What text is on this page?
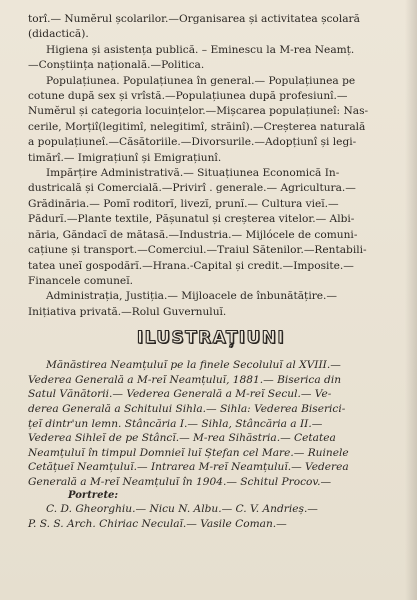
torî.— Numĕrul școlarilor.—Organisarea și activitatea școlară
(didactică).

Higiena și asistența publică. – Eminescu la M-rea Neamț.
—Conștiința națională.—Politica.

Populațiunea. Populațiunea în general.— Populațiunea pe
cotune după sex și vrîstă.—Populațiunea după profesiunî.—
Numĕrul și categoria locuințelor.—Mișcarea populațiuneî: Nas-
cerile, Morțiî(legitimî, nelegitimî, străinî).—Creșterea naturală
a populațiuneî.—Căsătoriile.—Divorsurile.—Adopțiunî și legi-
timărî.— Imigrațiunî și Emigrațiunî.

Impărțire Administrativă.— Situațiunea Economică In-
dustricală și Comercială.—Privirî . generale.— Agricultura.—
Grădinăria.— Pomĭ roditorĭ, livezĭ, prunĭ.— Cultura vieĭ.—
Pădurĭ.—Plante textile, Pășunatul și creșterea vitelor.— Albi-
năria, Găndacĭ de mătasă.—Industria.— Mijlócele de comuni-
cațiune și transport.—Comerciul.—Traiul Sătenilor.—Rentabili-
tatea uneĭ gospodărĭ.—Hrana.-Capital și credit.—Imposite.—
Financele comuneĭ.

Administrația, Justiția.— Mijloacele de înbunătățire.—
Inițiativa privată.—Rolul Guvernuluĭ.

ILUSTRAȚIUNI

Mănăstirea Neamțuluĭ pe la finele Secoluluĭ al XVIII.—
Vederea Generală a M-reĭ Neamțuluĭ, 1881.— Biserica din
Satul Vănătorii.— Vederea Generală a M-reĭ Secul.— Ve-
derea Generală a Schitului Sihla.— Sihla: Vederea Biserici-
țeĭ dintr'un lemn. Stâncăria I.— Sihla, Stâncăria a II.—
Vederea Sihleĭ de pe Stâncĭ.— M-rea Sihăstria.— Cetatea
Neamțuluĭ în timpul Domnieĭ luĭ Ștefan cel Mare.— Ruinele
Cetățueĭ Neamțuluĭ.— Intrarea M-reĭ Neamțuluĭ.— Vederea
Generală a M-reĭ Neamțuluĭ în 1904.— Schitul Procov.—

Portrete:
C. D. Gheorghiu.— Nicu N. Albu.— C. V. Andrieș.—
P. S. S. Arch. Chiriac Neculaĭ.— Vasile Coman.—
